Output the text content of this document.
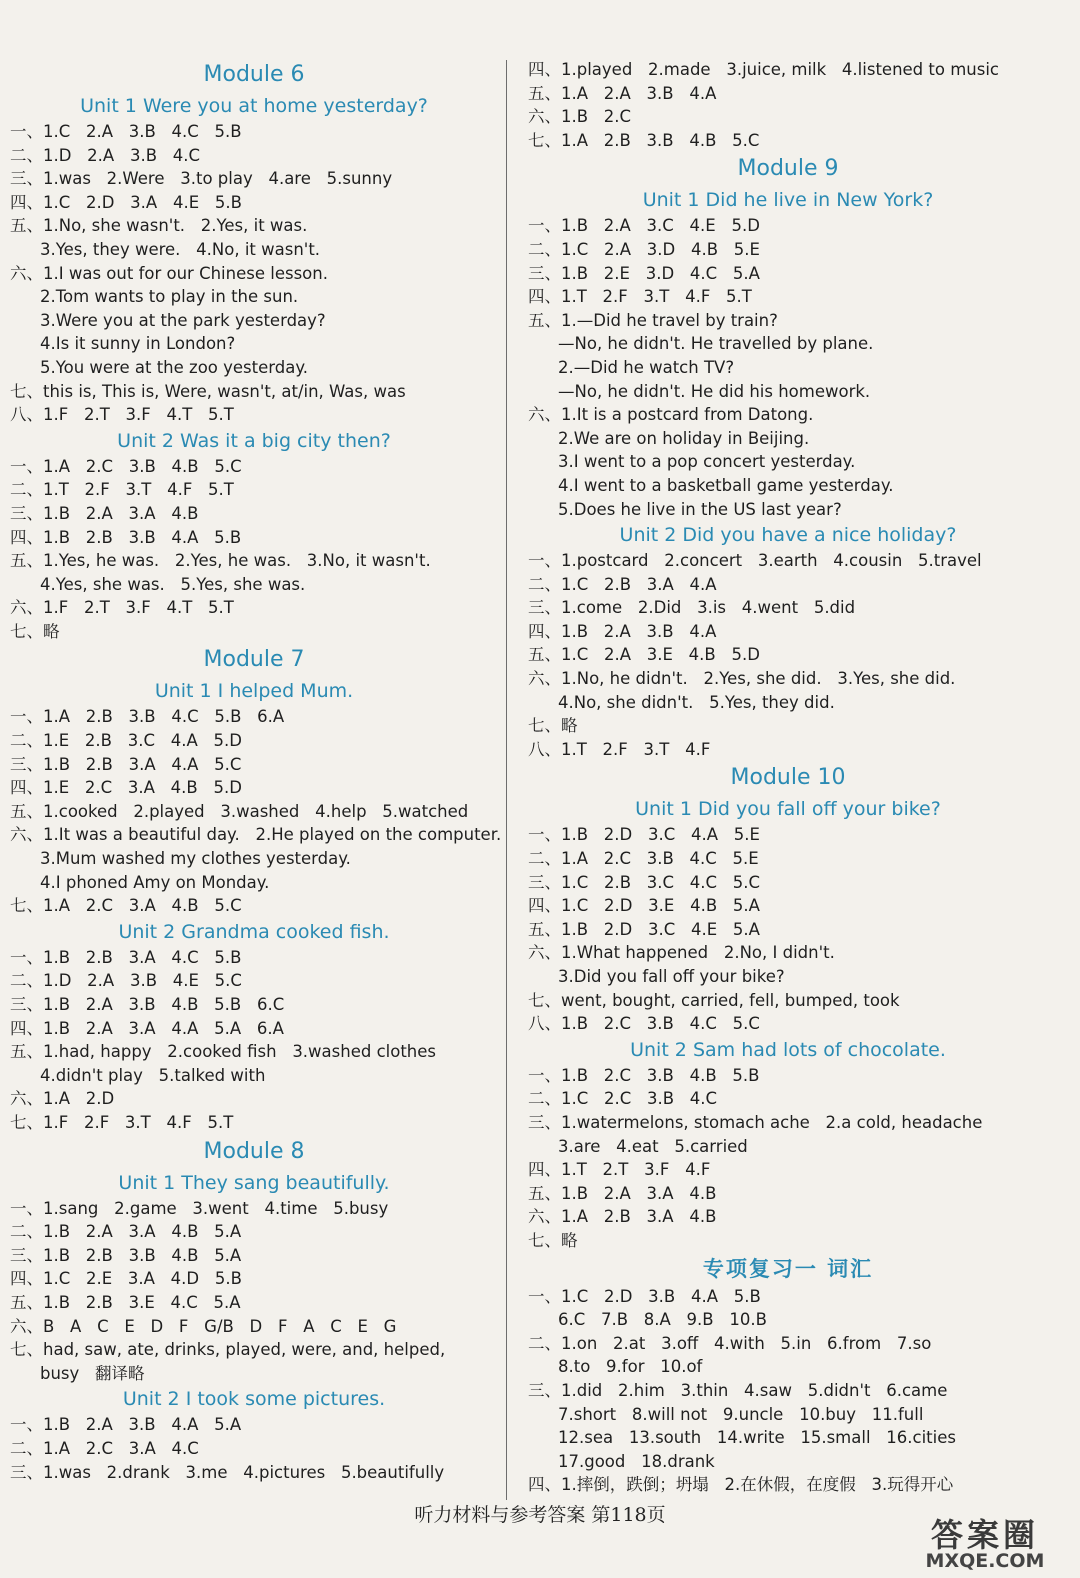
Module 6
Unit 1 Were you at home yesterday?
一、1.C   2.A   3.B   4.C   5.B
二、1.D   2.A   3.B   4.C
三、1.was   2.Were   3.to play   4.are   5.sunny
四、1.C   2.D   3.A   4.E   5.B
五、1.No, she wasn't.   2.Yes, it was.
3.Yes, they were.   4.No, it wasn't.
六、1.I was out for our Chinese lesson.
2.Tom wants to play in the sun.
3.Were you at the park yesterday?
4.Is it sunny in London?
5.You were at the zoo yesterday.
七、this is, This is, Were, wasn't, at/in, Was, was
八、1.F   2.T   3.F   4.T   5.T
Unit 2 Was it a big city then?
一、1.A   2.C   3.B   4.B   5.C
二、1.T   2.F   3.T   4.F   5.T
三、1.B   2.A   3.A   4.B
四、1.B   2.B   3.B   4.A   5.B
五、1.Yes, he was.   2.Yes, he was.   3.No, it wasn't.
4.Yes, she was.   5.Yes, she was.
六、1.F   2.T   3.F   4.T   5.T
七、略
Module 7
Unit 1 I helped Mum.
一、1.A   2.B   3.B   4.C   5.B   6.A
二、1.E   2.B   3.C   4.A   5.D
三、1.B   2.B   3.A   4.A   5.C
四、1.E   2.C   3.A   4.B   5.D
五、1.cooked   2.played   3.washed   4.help   5.watched
六、1.It was a beautiful day.   2.He played on the computer.
3.Mum washed my clothes yesterday.
4.I phoned Amy on Monday.
七、1.A   2.C   3.A   4.B   5.C
Unit 2 Grandma cooked fish.
一、1.B   2.B   3.A   4.C   5.B
二、1.D   2.A   3.B   4.E   5.C
三、1.B   2.A   3.B   4.B   5.B   6.C
四、1.B   2.A   3.A   4.A   5.A   6.A
五、1.had, happy   2.cooked fish   3.washed clothes
4.didn't play   5.talked with
六、1.A   2.D
七、1.F   2.F   3.T   4.F   5.T
Module 8
Unit 1 They sang beautifully.
一、1.sang   2.game   3.went   4.time   5.busy
二、1.B   2.A   3.A   4.B   5.A
三、1.B   2.B   3.B   4.B   5.A
四、1.C   2.E   3.A   4.D   5.B
五、1.B   2.B   3.E   4.C   5.A
六、B   A   C   E   D   F   G/B   D   F   A   C   E   G
七、had, saw, ate, drinks, played, were, and, helped,
busy   翻译略
Unit 2 I took some pictures.
一、1.B   2.A   3.B   4.A   5.A
二、1.A   2.C   3.A   4.C
三、1.was   2.drank   3.me   4.pictures   5.beautifully
四、1.played   2.made   3.juice, milk   4.listened to music
五、1.A   2.A   3.B   4.A
六、1.B   2.C
七、1.A   2.B   3.B   4.B   5.C
Module 9
Unit 1 Did he live in New York?
一、1.B   2.A   3.C   4.E   5.D
二、1.C   2.A   3.D   4.B   5.E
三、1.B   2.E   3.D   4.C   5.A
四、1.T   2.F   3.T   4.F   5.T
五、1.—Did he travel by train?
—No, he didn't. He travelled by plane.
2.—Did he watch TV?
—No, he didn't. He did his homework.
六、1.It is a postcard from Datong.
2.We are on holiday in Beijing.
3.I went to a pop concert yesterday.
4.I went to a basketball game yesterday.
5.Does he live in the US last year?
Unit 2 Did you have a nice holiday?
一、1.postcard   2.concert   3.earth   4.cousin   5.travel
二、1.C   2.B   3.A   4.A
三、1.come   2.Did   3.is   4.went   5.did
四、1.B   2.A   3.B   4.A
五、1.C   2.A   3.E   4.B   5.D
六、1.No, he didn't.   2.Yes, she did.   3.Yes, she did.
4.No, she didn't.   5.Yes, they did.
七、略
八、1.T   2.F   3.T   4.F
Module 10
Unit 1 Did you fall off your bike?
一、1.B   2.D   3.C   4.A   5.E
二、1.A   2.C   3.B   4.C   5.E
三、1.C   2.B   3.C   4.C   5.C
四、1.C   2.D   3.E   4.B   5.A
五、1.B   2.D   3.C   4.E   5.A
六、1.What happened   2.No, I didn't.
3.Did you fall off your bike?
七、went, bought, carried, fell, bumped, took
八、1.B   2.C   3.B   4.C   5.C
Unit 2 Sam had lots of chocolate.
一、1.B   2.C   3.B   4.B   5.B
二、1.C   2.C   3.B   4.C
三、1.watermelons, stomach ache   2.a cold, headache
3.are   4.eat   5.carried
四、1.T   2.T   3.F   4.F
五、1.B   2.A   3.A   4.B
六、1.A   2.B   3.A   4.B
七、略
专项复习一 词汇
一、1.C   2.D   3.B   4.A   5.B
6.C   7.B   8.A   9.B   10.B
二、1.on   2.at   3.off   4.with   5.in   6.from   7.so
8.to   9.for   10.of
三、1.did   2.him   3.thin   4.saw   5.didn't   6.came
7.short   8.will not   9.uncle   10.buy   11.full
12.sea   13.south   14.write   15.small   16.cities
17.good   18.drank
四、1.摔倒，跌倒；坍塌   2.在休假，在度假   3.玩得开心
听力材料与参考答案 第118页
答案圈
MXQE.COM
